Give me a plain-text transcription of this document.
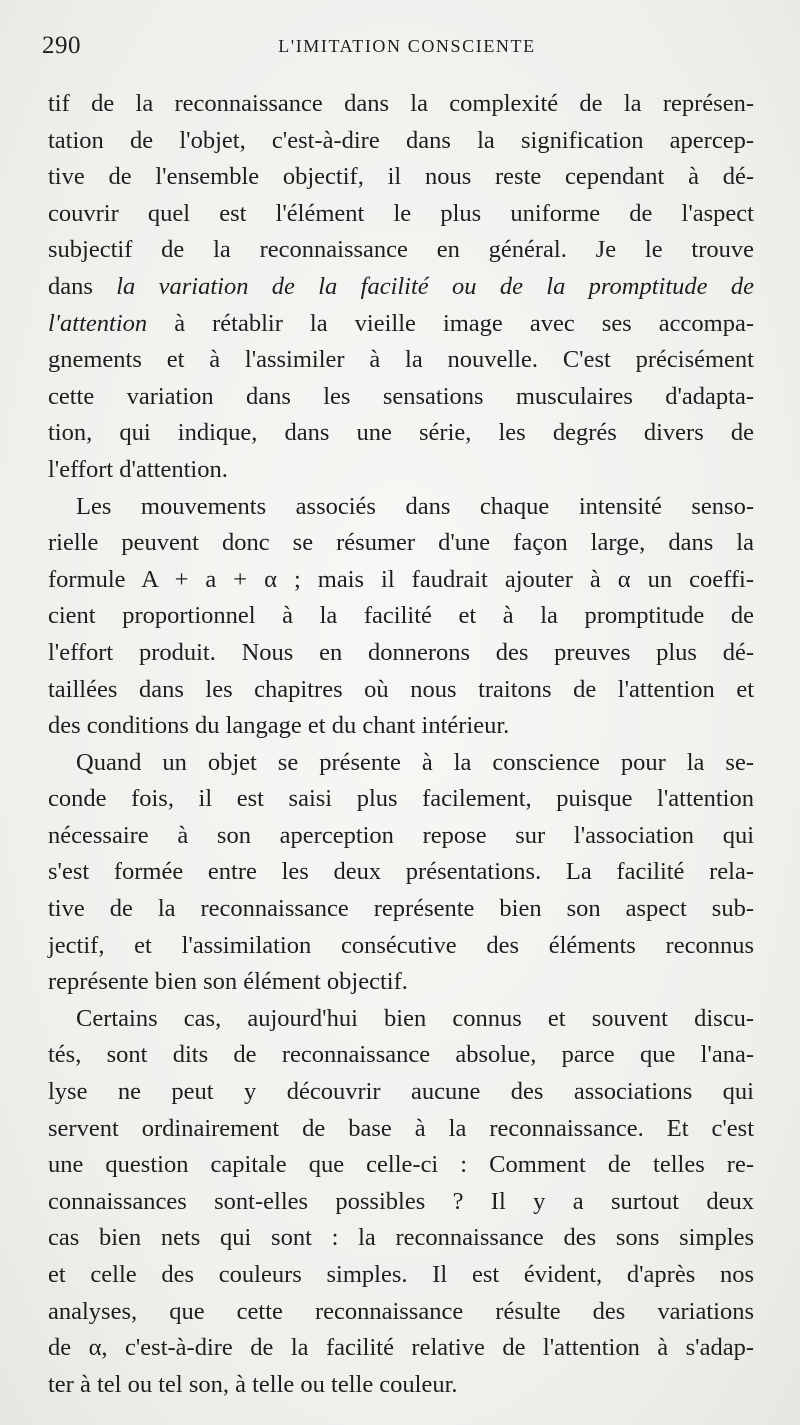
290	L'IMITATION CONSCIENTE
tif de la reconnaissance dans la complexité de la représen-
tation de l'objet, c'est-à-dire dans la signification apercep-
tive de l'ensemble objectif, il nous reste cependant à dé-
couvrir quel est l'élément le plus uniforme de l'aspect
subjectif de la reconnaissance en général. Je le trouve
dans la variation de la facilité ou de la promptitude de
l'attention à rétablir la vieille image avec ses accompa-
gnements et à l'assimiler à la nouvelle. C'est précisément
cette variation dans les sensations musculaires d'adapta-
tion, qui indique, dans une série, les degrés divers de
l'effort d'attention.
Les mouvements associés dans chaque intensité senso-
rielle peuvent donc se résumer d'une façon large, dans la
formule A + a + α ; mais il faudrait ajouter à α un coeffi-
cient proportionnel à la facilité et à la promptitude de
l'effort produit. Nous en donnerons des preuves plus dé-
taillées dans les chapitres où nous traitons de l'attention et
des conditions du langage et du chant intérieur.
Quand un objet se présente à la conscience pour la se-
conde fois, il est saisi plus facilement, puisque l'attention
nécessaire à son aperception repose sur l'association qui
s'est formée entre les deux présentations. La facilité rela-
tive de la reconnaissance représente bien son aspect sub-
jectif, et l'assimilation consécutive des éléments reconnus
représente bien son élément objectif.
Certains cas, aujourd'hui bien connus et souvent discu-
tés, sont dits de reconnaissance absolue, parce que l'ana-
lyse ne peut y découvrir aucune des associations qui
servent ordinairement de base à la reconnaissance. Et c'est
une question capitale que celle-ci : Comment de telles re-
connaissances sont-elles possibles ? Il y a surtout deux
cas bien nets qui sont : la reconnaissance des sons simples
et celle des couleurs simples. Il est évident, d'après nos
analyses, que cette reconnaissance résulte des variations
de α, c'est-à-dire de la facilité relative de l'attention à s'adap-
ter à tel ou tel son, à telle ou telle couleur.
